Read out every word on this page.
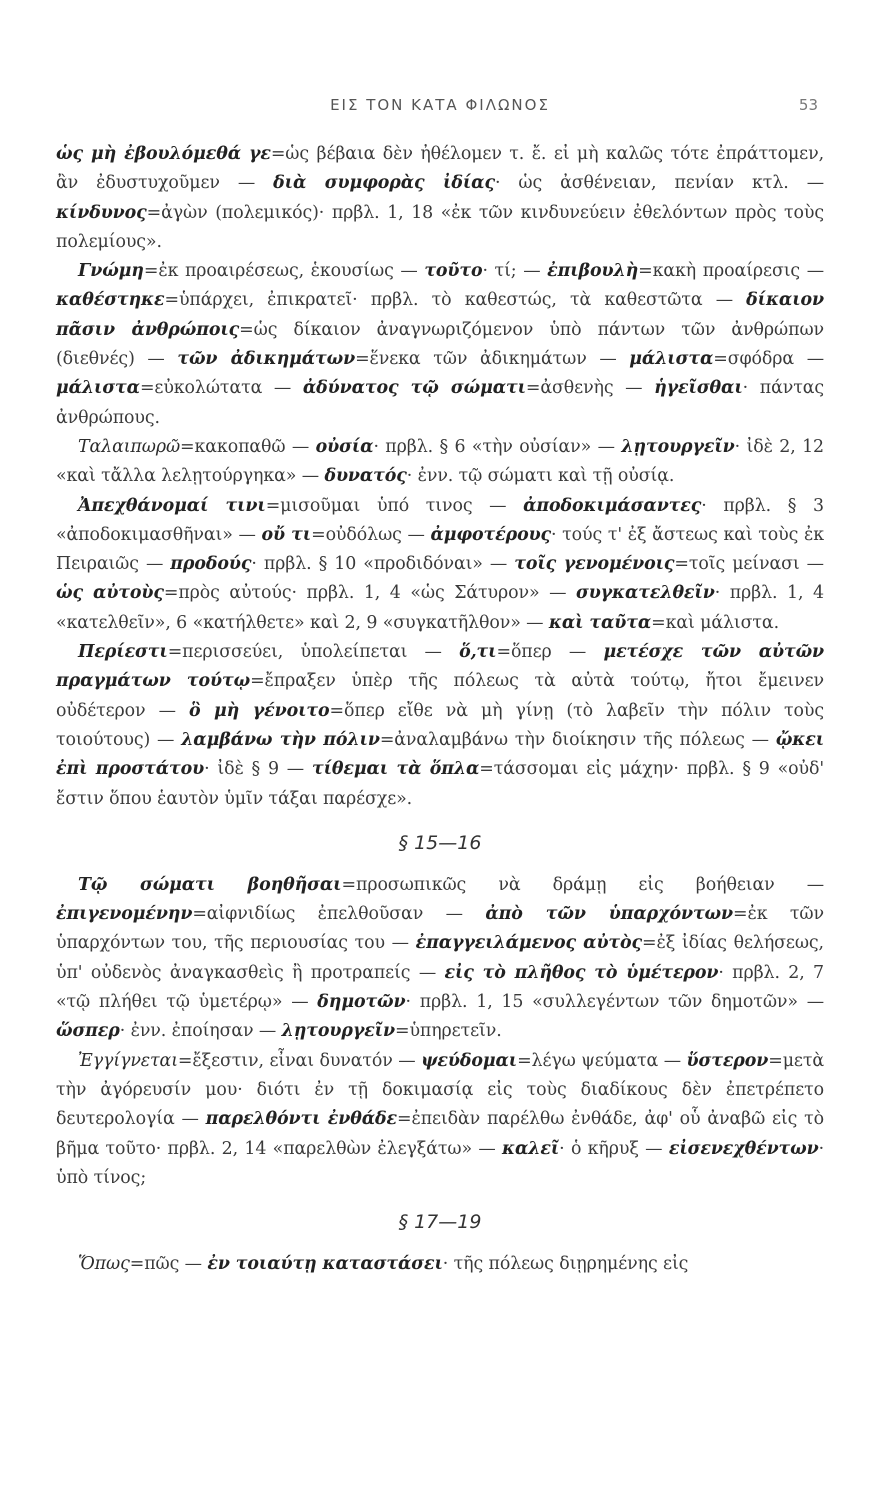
ΕΙΣ ΤΟΝ ΚΑΤΑ ΦΙΛΩΝΟΣ	53

ὡς μὴ ἐβουλόμεθά γε=ὡς βέβαια δὲν ἠθέλομεν τ. ἔ. εἰ μὴ καλῶς τότε ἐπράττομεν, ἂν ἐδυστυχοῦμεν — διὰ συμφορὰς ἰδίας· ὡς ἀσθένειαν, πενίαν κτλ. — κίνδυνος=ἀγὼν (πολεμικός)· πρβλ. 1, 18 «ἐκ τῶν κινδυνεύειν ἐθελόντων πρὸς τοὺς πολεμίους».

Γνώμη=ἐκ προαιρέσεως, ἑκουσίως — τοῦτο· τί; — ἐπιβουλὴ=κακὴ προαίρεσις — καθέστηκε=ὑπάρχει, ἐπικρατεῖ· πρβλ. τὸ καθεστώς, τὰ καθεστῶτα — δίκαιον πᾶσιν ἀνθρώποις=ὡς δίκαιον ἀναγνωριζόμενον ὑπὸ πάντων τῶν ἀνθρώπων (διεθνές) — τῶν ἀδικημάτων=ἕνεκα τῶν ἀδικημάτων — μάλιστα=σφόδρα — μάλιστα=εὐκολώτατα — ἀδύνατος τῷ σώματι=ἀσθενὴς — ἡγεῖσθαι· πάντας ἀνθρώπους.

Ταλαιπωρῶ=κακοπαθῶ — οὐσία· πρβλ. § 6 «τὴν οὐσίαν» — λῃτουργεῖν· ἰδὲ 2, 12 «καὶ τἄλλα λελῃτούργηκα» — δυνατός· ἐνν. τῷ σώματι καὶ τῇ οὐσίᾳ.

Ἀπεχθάνομαί τινι=μισοῦμαι ὑπό τινος — ἀποδοκιμάσαντες· πρβλ. § 3 «ἀποδοκιμασθῆναι» — οὔ τι=οὐδόλως — ἀμφοτέρους· τούς τ' ἐξ ἄστεως καὶ τοὺς ἐκ Πειραιῶς — προδούς· πρβλ. § 10 «προδιδόναι» — τοῖς γενομένοις=τοῖς μείνασι — ὡς αὐτοὺς=πρὸς αὐτούς· πρβλ. 1, 4 «ὡς Σάτυρον» — συγκατελθεῖν· πρβλ. 1, 4 «κατελθεῖν», 6 «κατήλθετε» καὶ 2, 9 «συγκατῆλθον» — καὶ ταῦτα=καὶ μάλιστα.

Περίεστι=περισσεύει, ὑπολείπεται — ὅ,τι=ὅπερ — μετέσχε τῶν αὐτῶν πραγμάτων τούτῳ=ἔπραξεν ὑπὲρ τῆς πόλεως τὰ αὐτὰ τούτῳ, ἤτοι ἔμεινεν οὐδέτερον — ὃ μὴ γένοιτο=ὅπερ εἴθε νὰ μὴ γίνῃ (τὸ λαβεῖν τὴν πόλιν τοὺς τοιούτους) — λαμβάνω τὴν πόλιν=ἀναλαμβάνω τὴν διοίκησιν τῆς πόλεως — ᾤκει ἐπὶ προστάτου· ἰδὲ § 9 — τίθεμαι τὰ ὅπλα=τάσσομαι εἰς μάχην· πρβλ. § 9 «οὐδ' ἔστιν ὅπου ἑαυτὸν ὑμῖν τάξαι παρέσχε».

§ 15—16

Τῷ σώματι βοηθῆσαι=προσωπικῶς νὰ δράμῃ εἰς βοήθειαν — ἐπιγενομένην=αἰφνιδίως ἐπελθοῦσαν — ἀπὸ τῶν ὑπαρχόντων=ἐκ τῶν ὑπαρχόντων του, τῆς περιουσίας του — ἐπαγγειλάμενος αὐτὸς=ἐξ ἰδίας θελήσεως, ὑπ' οὐδενὸς ἀναγκασθεὶς ἢ προτραπείς — εἰς τὸ πλῆθος τὸ ὑμέτερον· πρβλ. 2, 7 «τῷ πλήθει τῷ ὑμετέρῳ» — δημοτῶν· πρβλ. 1, 15 «συλλεγέντων τῶν δημοτῶν» — ὥσπερ· ἐνν. ἐποίησαν — λῃτουργεῖν=ὑπηρετεῖν.

Ἐγγίγνεται=ἔξεστιν, εἶναι δυνατόν — ψεύδομαι=λέγω ψεύματα — ὕστερον=μετὰ τὴν ἀγόρευσίν μου· διότι ἐν τῇ δοκιμασίᾳ εἰς τοὺς διαδίκους δὲν ἐπετρέπετο δευτερολογία — παρελθόντι ἐνθάδε=ἐπειδὰν παρέλθω ἐνθάδε, ἀφ' οὗ ἀναβῶ εἰς τὸ βῆμα τοῦτο· πρβλ. 2, 14 «παρελθὼν ἐλεγξάτω» — καλεῖ· ὁ κῆρυξ — εἰσενεχθέντων· ὑπὸ τίνος;

§ 17—19

Ὅπως=πῶς — ἐν τοιαύτῃ καταστάσει· τῆς πόλεως διῃρημένης εἰς
